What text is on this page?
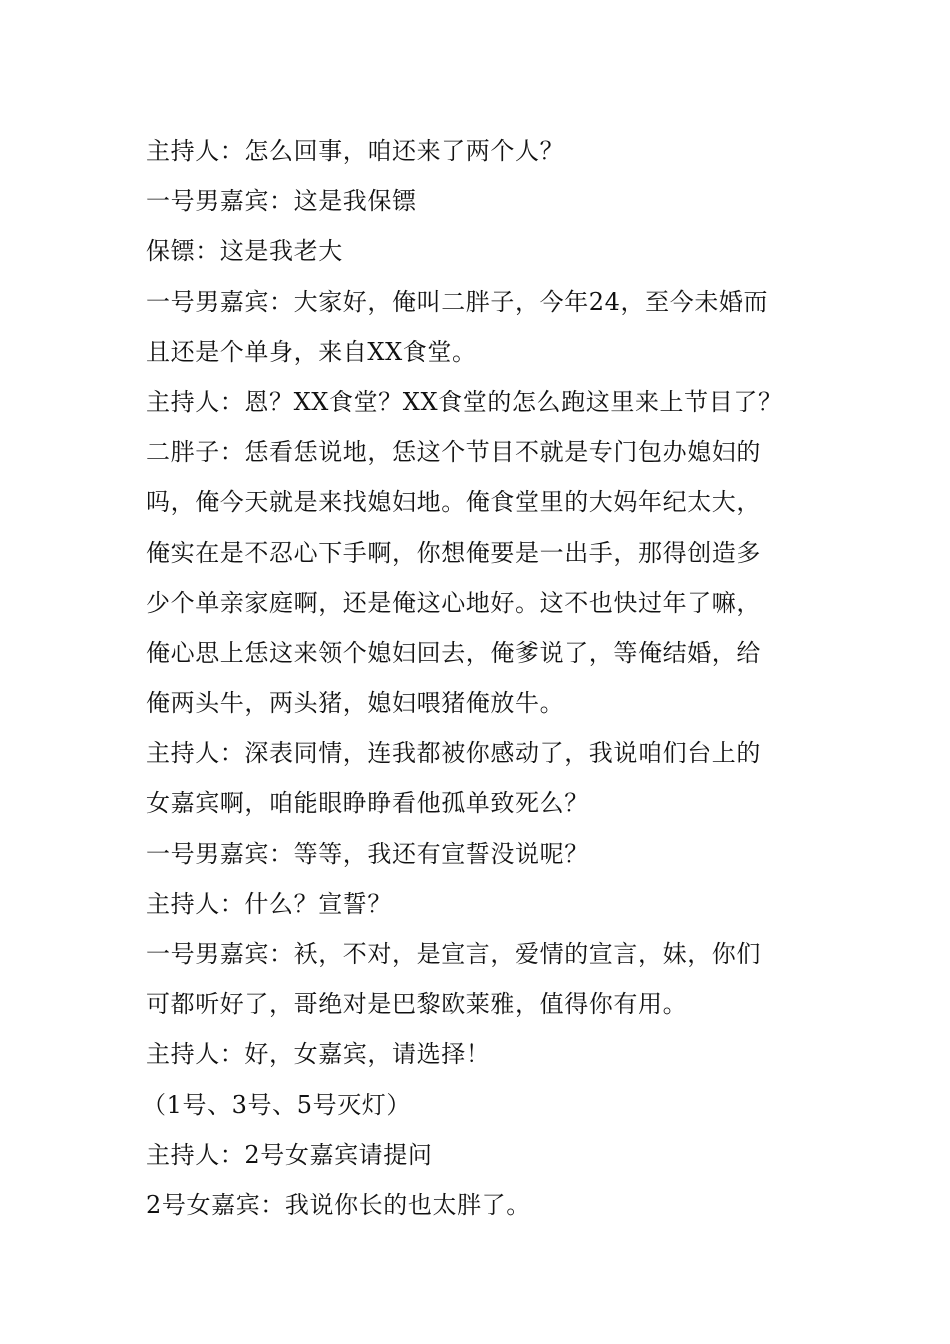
主持人：怎么回事，咱还来了两个人？
一号男嘉宾：这是我保镖
保镖：这是我老大
一号男嘉宾：大家好，俺叫二胖子，今年24，至今未婚而
且还是个单身，来自XX食堂。
主持人：恩？XX食堂？XX食堂的怎么跑这里来上节目了？
二胖子：恁看恁说地，恁这个节目不就是专门包办媳妇的
吗，俺今天就是来找媳妇地。俺食堂里的大妈年纪太大，
俺实在是不忍心下手啊，你想俺要是一出手，那得创造多
少个单亲家庭啊，还是俺这心地好。这不也快过年了嘛，
俺心思上恁这来领个媳妇回去，俺爹说了，等俺结婚，给
俺两头牛，两头猪，媳妇喂猪俺放牛。
主持人：深表同情，连我都被你感动了，我说咱们台上的
女嘉宾啊，咱能眼睁睁看他孤单致死么？
一号男嘉宾：等等，我还有宣誓没说呢？
主持人：什么？宣誓？
一号男嘉宾：袄，不对，是宣言，爱情的宣言，妹，你们
可都听好了，哥绝对是巴黎欧莱雅，值得你有用。
主持人：好，女嘉宾，请选择！
（1号、3号、5号灭灯）
主持人：2号女嘉宾请提问
2号女嘉宾：我说你长的也太胖了。
